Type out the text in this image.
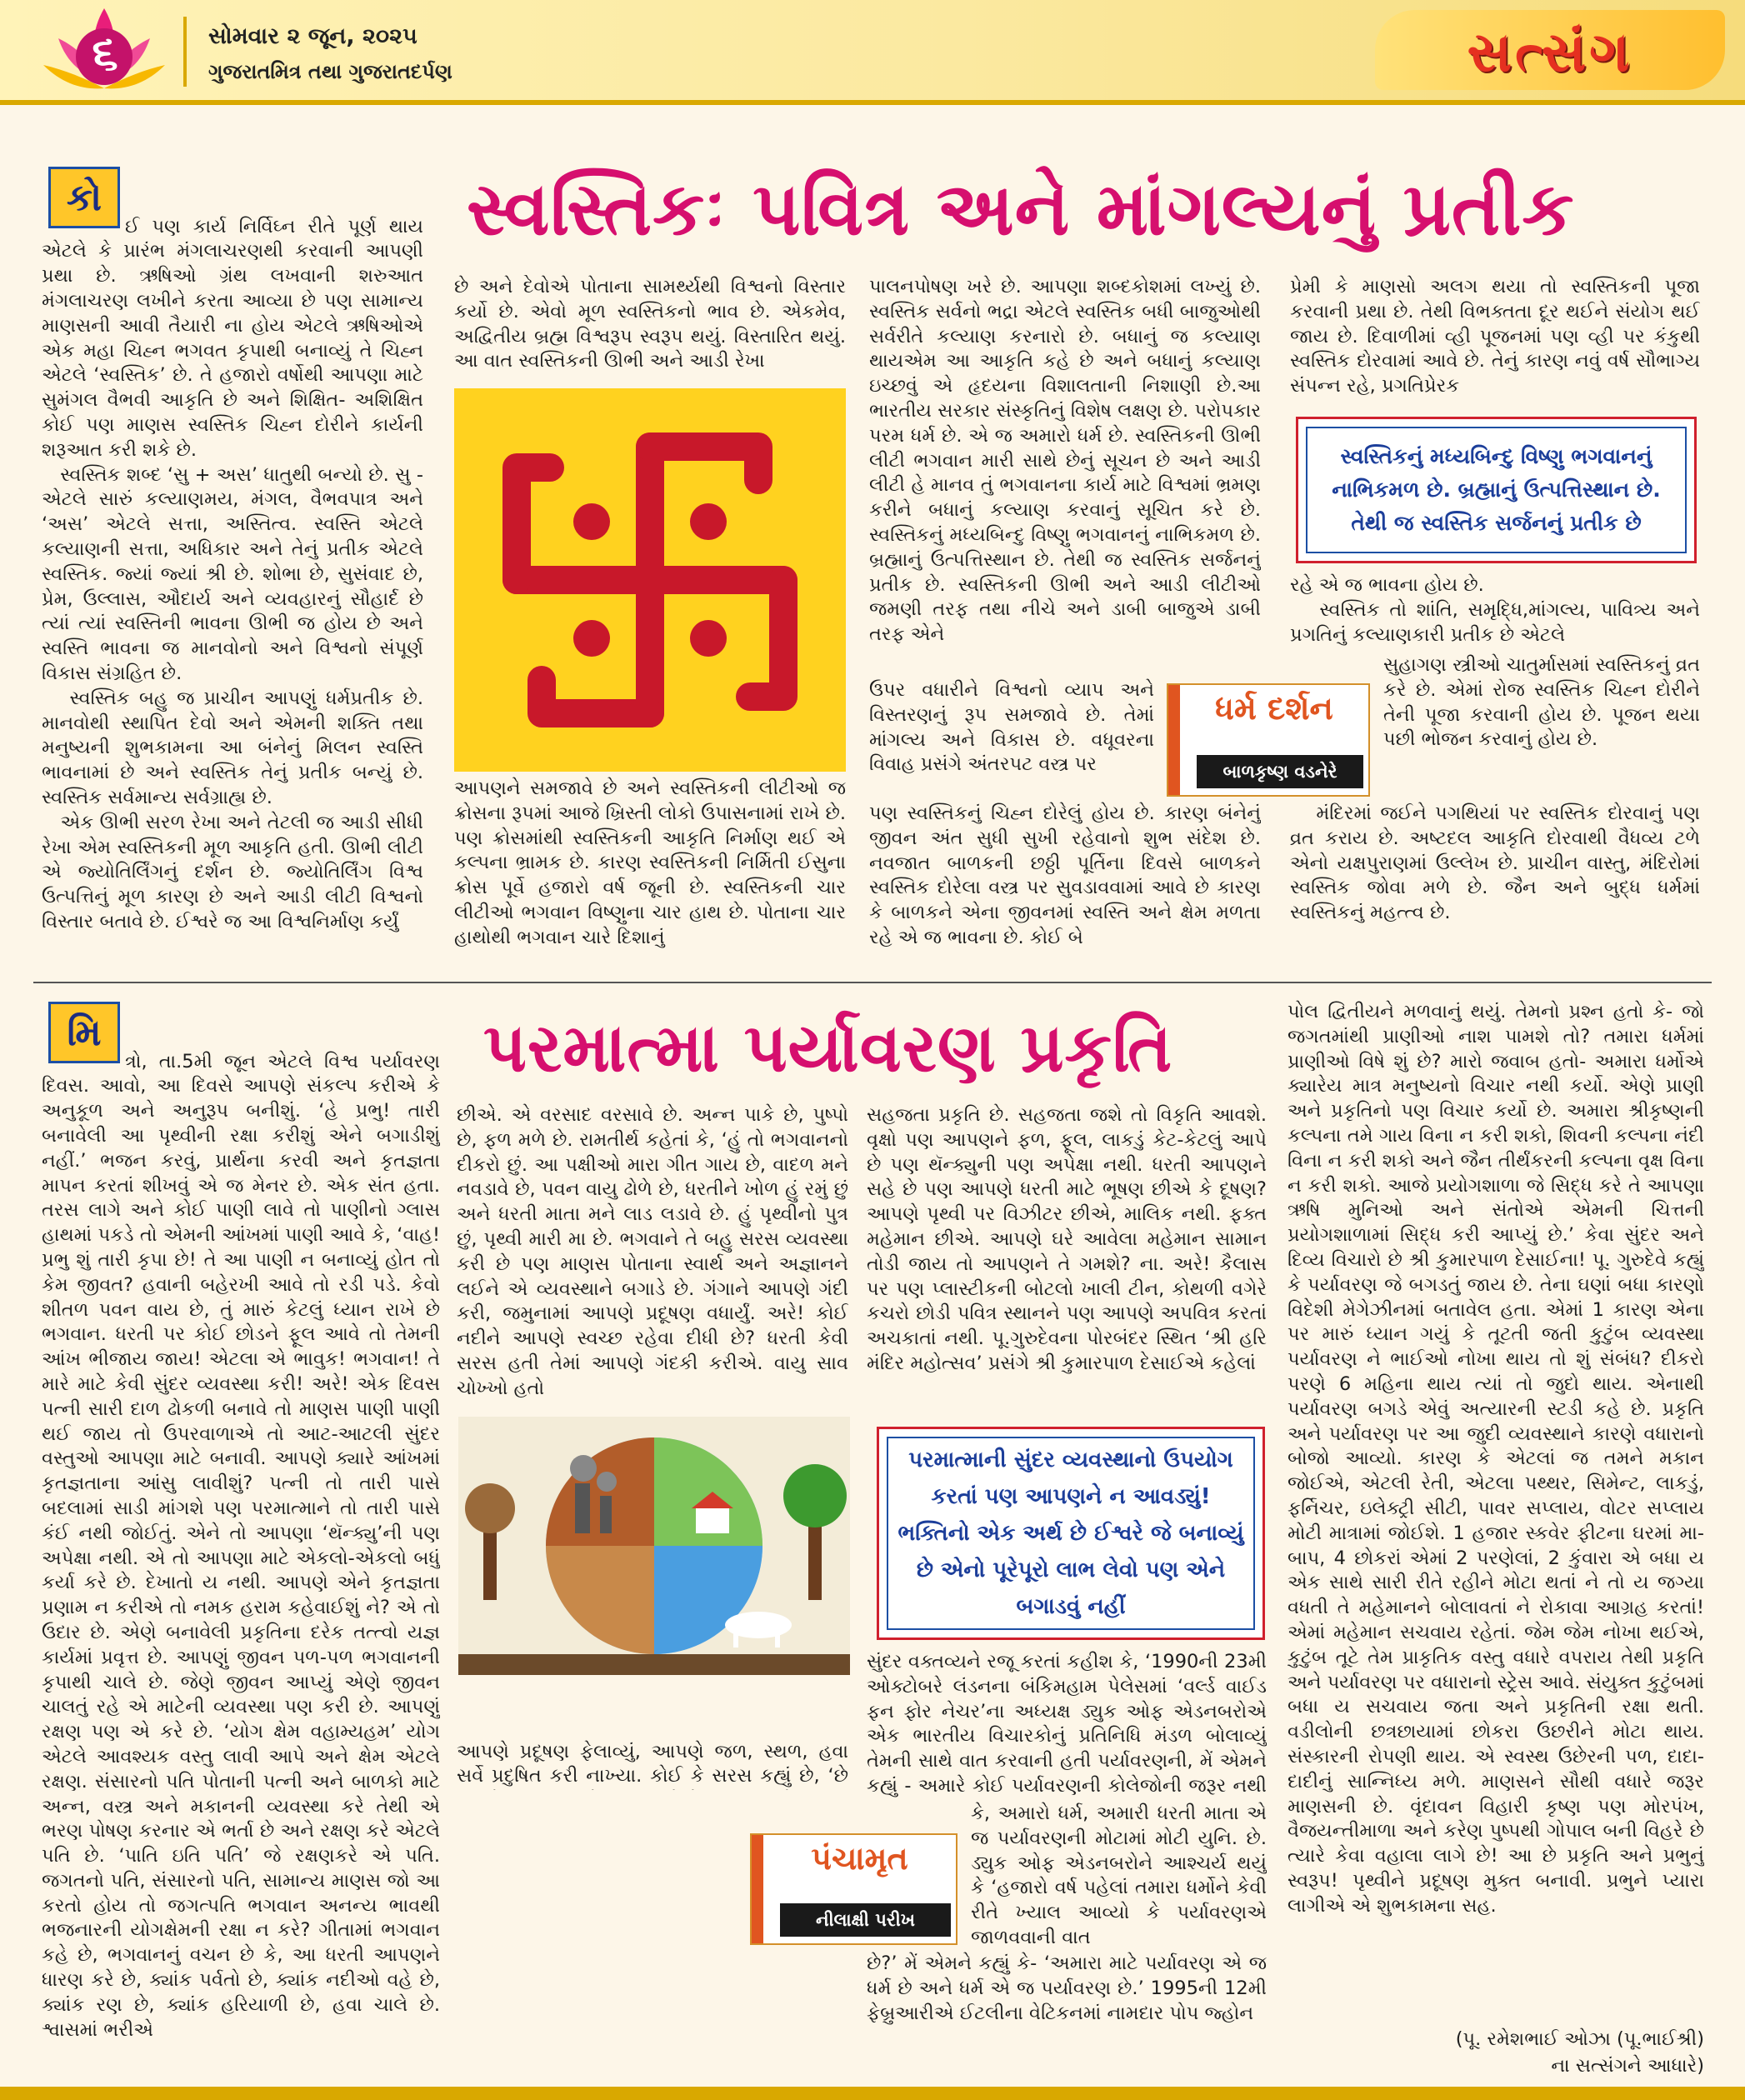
૬	સોમવાર ૨ જૂન, ૨૦૨૫
ગુજરાતમિત્ર તથા ગુજરાતદર્પણ	સત્સંગ
કો

ઈ પણ કાર્ય નિર્વિઘ્ન રીતે પૂર્ણ થાય એટલે કે પ્રારંભ મંગલાચરણથી કરવાની આપણી પ્રથા છે. ઋષિઓ ગ્રંથ લખવાની શરુઆત મંગલાચરણ લખીને કરતા આવ્યા છે પણ સામાન્ય માણસની આવી તૈયારી ના હોય એટલે ઋષિઓએ એક મહા ચિહ્ન ભગવત કૃપાથી બનાવ્યું તે ચિહ્ન એટલે ‘સ્વસ્તિક’ છે. તે હજારો વર્ષોથી આપણા માટે સુમંગલ વૈભવી આકૃતિ છે અને શિક્ષિત- અશિક્ષિત કોઈ પણ માણસ સ્વસ્તિક ચિહ્ન દોરીને કાર્યની શરૂઆત કરી શકે છે.
સ્વસ્તિક શબ્દ ‘સુ + અસ’ ધાતુથી બન્યો છે. સુ - એટલે સારું કલ્યાણમય, મંગલ, વૈભવપાત્ર અને ‘અસ’ એટલે સત્તા, અસ્તિત્વ. સ્વસ્તિ એટલે કલ્યાણની સત્તા, અધિકાર અને તેનું પ્રતીક એટલે સ્વસ્તિક. જ્યાં જ્યાં શ્રી છે. શોભા છે, સુસંવાદ છે, પ્રેમ, ઉલ્લાસ, ઔદાર્ય અને વ્યવહારનું સૌહાર્દ છે ત્યાં ત્યાં સ્વસ્તિની ભાવના ઊભી જ હોય છે અને સ્વસ્તિ ભાવના જ માનવોનો અને વિશ્વનો સંપૂર્ણ વિકાસ સંગ્રહિત છે.
સ્વસ્તિક બહુ જ પ્રાચીન આપણું ધર્મપ્રતીક છે. માનવોથી સ્થાપિત દેવો અને એમની શક્તિ તથા મનુષ્યની શુભકામના આ બંનેનું મિલન સ્વસ્તિ ભાવનામાં છે અને સ્વસ્તિક તેનું પ્રતીક બન્યું છે. સ્વસ્તિક સર્વમાન્ય સર્વગ્રાહ્ય છે.
એક ઊભી સરળ રેખા અને તેટલી જ આડી સીધી રેખા એમ સ્વસ્તિકની મૂળ આકૃતિ હતી. ઊભી લીટી એ જ્યોતિર્લિંગનું દર્શન છે. જ્યોતિર્લિંગ વિશ્વ ઉત્પત્તિનું મૂળ કારણ છે અને આડી લીટી વિશ્વનો વિસ્તાર બતાવે છે. ઈશ્વરે જ આ વિશ્વનિર્માણ કર્યું

સ્વસ્તિકઃ પવિત્ર અને માંગલ્યનું પ્રતીક
છે અને દેવોએ પોતાના સામર્થ્યથી વિશ્વનો વિસ્તાર કર્યો છે. એવો મૂળ સ્વસ્તિકનો ભાવ છે. એકમેવ, અદ્વિતીય બ્રહ્મ વિશ્વરૂપ સ્વરૂપ થયું. વિસ્તારિત થયું. આ વાત સ્વસ્તિકની ઊભી અને આડી રેખા
આપણને સમજાવે છે અને સ્વસ્તિકની લીટીઓ જ ક્રોસના રૂપમાં આજે ખ્રિસ્તી લોકો ઉપાસનામાં રાખે છે. પણ ક્રોસમાંથી સ્વસ્તિકની આકૃતિ નિર્માણ થઈ એ કલ્પના ભ્રામક છે. કારણ સ્વસ્તિકની નિર્મિતી ઈસુના ક્રોસ પૂર્વે હજારો વર્ષ જૂની છે. સ્વસ્તિકની ચાર લીટીઓ ભગવાન વિષ્ણુના ચાર હાથ છે. પોતાના ચાર હાથોથી ભગવાન ચારે દિશાનું
પાલનપોષણ ખરે છે. આપણા શબ્દકોશમાં લખ્યું છે. સ્વસ્તિક સર્વનો ભદ્રા એટલે સ્વસ્તિક બધી બાજુઓથી સર્વરીતે કલ્યાણ કરનારો છે. બધાનું જ કલ્યાણ થાયએમ આ આકૃતિ કહે છે અને બધાનું કલ્યાણ ઇચ્છવું એ હૃદયના વિશાલતાની નિશાણી છે.આ ભારતીય સરકાર સંસ્કૃતિનું વિશેષ લક્ષણ છે. પરોપકાર પરમ ધર્મ છે. એ જ અમારો ધર્મ છે. સ્વસ્તિકની ઊભી લીટી ભગવાન મારી સાથે છેનું સૂચન છે અને આડી લીટી હે માનવ તું ભગવાનના કાર્ય માટે વિશ્વમાં ભ્રમણ કરીને બધાનું કલ્યાણ કરવાનું સૂચિત કરે છે. સ્વસ્તિકનું મધ્યબિન્દુ વિષ્ણુ ભગવાનનું નાભિકમળ છે. બ્રહ્માનું ઉત્પત્તિસ્થાન છે. તેથી જ સ્વસ્તિક સર્જનનું પ્રતીક છે. સ્વસ્તિકની ઊભી અને આડી લીટીઓ જમણી તરફ તથા નીચે અને ડાબી બાજુએ ડાબી તરફ એને
ઉપર વધારીને વિશ્વનો વ્યાપ અને વિસ્તરણનું રૂપ સમજાવે છે. તેમાં માંગલ્ય અને વિકાસ છે. વધૂવરના વિવાહ પ્રસંગે અંતરપટ વસ્ત્ર પર
પણ સ્વસ્તિકનું ચિહ્ન દોરેલું હોય છે. કારણ બંનેનું જીવન અંત સુધી સુખી રહેવાનો શુભ સંદેશ છે. નવજાત બાળકની છઠ્ઠી પૂર્તિના દિવસે બાળકને સ્વસ્તિક દોરેલા વસ્ત્ર પર સુવડાવવામાં આવે છે કારણ કે બાળકને એના જીવનમાં સ્વસ્તિ અને ક્ષેમ મળતા રહે એ જ ભાવના છે. કોઈ બે
ધર્મ દર્શન
બાળકૃષ્ણ વડનેરે
પ્રેમી કે માણસો અલગ થયા તો સ્વસ્તિકની પૂજા કરવાની પ્રથા છે. તેથી વિભક્તતા દૂર થઈને સંયોગ થઈ જાય છે. દિવાળીમાં વ્હી પૂજનમાં પણ વ્હી પર કંકુથી સ્વસ્તિક દોરવામાં આવે છે. તેનું કારણ નવું વર્ષ સૌભાગ્ય સંપન્ન રહે, પ્રગતિપ્રેરક
સ્વસ્તિકનું મધ્યબિન્દુ વિષ્ણુ ભગવાનનું નાભિકમળ છે. બ્રહ્માનું ઉત્પત્તિસ્થાન છે. તેથી જ સ્વસ્તિક સર્જનનું પ્રતીક છે
રહે એ જ ભાવના હોય છે.
સ્વસ્તિક તો શાંતિ, સમૃદ્ધિ,માંગલ્ય, પાવિત્ર્ય અને પ્રગતિનું કલ્યાણકારી પ્રતીક છે એટલે
સુહાગણ સ્ત્રીઓ ચાતુર્માસમાં સ્વસ્તિકનું વ્રત કરે છે. એમાં રોજ સ્વસ્તિક ચિહ્ન દોરીને તેની પૂજા કરવાની હોય છે. પૂજન થયા પછી ભોજન કરવાનું હોય છે.
મંદિરમાં જઈને પગથિયાં પર સ્વસ્તિક દોરવાનું પણ વ્રત કરાય છે. અષ્ટદલ આકૃતિ દોરવાથી વૈધવ્ય ટળે એનો યક્ષપુરાણમાં ઉલ્લેખ છે. પ્રાચીન વાસ્તુ, મંદિરોમાં સ્વસ્તિક જોવા મળે છે. જૈન અને બુદ્ધ ધર્મમાં સ્વસ્તિકનું મહત્ત્વ છે.
મિ

ત્રો, તા.5મી જૂન એટલે વિશ્વ પર્યાવરણ દિવસ. આવો, આ દિવસે આપણે સંકલ્પ કરીએ કે અનુકૂળ અને અનુરૂપ બનીશું. ‘હે પ્રભુ! તારી બનાવેલી આ પૃથ્વીની રક્ષા કરીશું એને બગાડીશું નહીં.’ ભજન કરવું, પ્રાર્થના કરવી અને કૃતજ્ઞતા માપન કરતાં શીખવું એ જ મેનર છે. એક સંત હતા. તરસ લાગે અને કોઈ પાણી લાવે તો પાણીનો ગ્લાસ હાથમાં પકડે તો એમની આંખમાં પાણી આવે કે, ‘વાહ! પ્રભુ શું તારી કૃપા છે! તે આ પાણી ન બનાવ્યું હોત તો કેમ જીવત? હવાની બહેરખી આવે તો રડી પડે. કેવો શીતળ પવન વાય છે, તું મારું કેટલું ધ્યાન રાખે છે ભગવાન. ધરતી પર કોઈ છોડને ફૂલ આવે તો તેમની આંખ ભીજાય જાય! એટલા એ ભાવુક! ભગવાન! તે મારે માટે કેવી સુંદર વ્યવસ્થા કરી! અરે! એક દિવસ પત્ની સારી દાળ ઢોકળી બનાવે તો માણસ પાણી પાણી થઈ જાય તો ઉપરવાળાએ તો આટ-આટલી સુંદર વસ્તુઓ આપણા માટે બનાવી. આપણે ક્યારે આંખમાં કૃતજ્ઞતાના આંસુ લાવીશું? પત્ની તો તારી પાસે બદલામાં સાડી માંગશે પણ પરમાત્માને તો તારી પાસે કંઈ નથી જોઈતું. એને તો આપણા ‘થૅન્ક્યુ’ની પણ અપેક્ષા નથી. એ તો આપણા માટે એકલો-એકલો બધું કર્યા કરે છે. દેખાતો ય નથી. આપણે એને કૃતજ્ઞતા પ્રણામ ન કરીએ તો નમક હરામ કહેવાઈશું ને? એ તો ઉદાર છે. એણે બનાવેલી પ્રકૃતિના દરેક તત્ત્વો યજ્ઞ કાર્યમાં પ્રવૃત્ત છે. આપણું જીવન પળ-પળ ભગવાનની કૃપાથી ચાલે છે. જેણે જીવન આપ્યું એણે જીવન ચાલતું રહે એ માટેની વ્યવસ્થા પણ કરી છે. આપણું રક્ષણ પણ એ કરે છે. ‘યોગ ક્ષેમ વહામ્યહમ’ યોગ એટલે આવશ્યક વસ્તુ લાવી આપે અને ક્ષેમ એટલે રક્ષણ. સંસારનો પતિ પોતાની પત્ની અને બાળકો માટે અન્ન, વસ્ત્ર અને મકાનની વ્યવસ્થા કરે તેથી એ ભરણ પોષણ કરનાર એ ભર્તા છે અને રક્ષણ કરે એટલે પતિ છે. ‘પાતિ ઇતિ પતિ’ જે રક્ષણકરે એ પતિ. જગતનો પતિ, સંસારનો પતિ, સામાન્ય માણસ જો આ કરતો હોય તો જગત્પતિ ભગવાન અનન્ય ભાવથી ભજનારની યોગક્ષેમની રક્ષા ન કરે? ગીતામાં ભગવાન કહે છે, ભગવાનનું વચન છે કે, આ ધરતી આપણને ધારણ કરે છે, ક્યાંક પર્વતો છે, ક્યાંક નદીઓ વહે છે, ક્યાંક રણ છે, ક્યાંક હરિયાળી છે, હવા ચાલે છે. શ્વાસમાં ભરીએ

પરમાત્મા પર્યાવરણ પ્રકૃતિ
છીએ. એ વરસાદ વરસાવે છે. અન્ન પાકે છે, પુષ્પો છે, ફળ મળે છે. રામતીર્થ કહેતાં કે, ‘હું તો ભગવાનનો દીકરો છું. આ પક્ષીઓ મારા ગીત ગાય છે, વાદળ મને નવડાવે છે, પવન વાયુ ઢોળે છે, ધરતીને ખોળ હું રમું છું અને ધરતી માતા મને લાડ લડાવે છે. હું પૃથ્વીનો પુત્ર છું, પૃથ્વી મારી મા છે. ભગવાને તે બહુ સરસ વ્યવસ્થા કરી છે પણ માણસ પોતાના સ્વાર્થ અને અજ્ઞાનને લઈને એ વ્યવસ્થાને બગાડે છે. ગંગાને આપણે ગંદી કરી, જમુનામાં આપણે પ્રદૂષણ વધાર્યું. અરે! કોઈ નદીને આપણે સ્વચ્છ રહેવા દીધી છે? ધરતી કેવી સરસ હતી તેમાં આપણે ગંદકી કરીએ. વાયુ સાવ ચોખ્ખો હતો

આપણે પ્રદૂષણ ફેલાવ્યું, આપણે જળ, સ્થળ, હવા સર્વે પ્રદુષિત કરી નાખ્યા. કોઈ કે સરસ કહ્યું છે, ‘છે

પંચામૃત
નીલાક્ષી પરીખ
સહજતા પ્રકૃતિ છે. સહજતા જશે તો વિકૃતિ આવશે. વૃક્ષો પણ આપણને ફળ, ફૂલ, લાકડું કેટ-કેટલું આપે છે પણ થૅન્ક્યુની પણ અપેક્ષા નથી. ધરતી આપણને સહે છે પણ આપણે ધરતી માટે ભૂષણ છીએ કે દૂષણ? આપણે પૃથ્વી પર વિઝીટર છીએ, માલિક નથી. ફક્ત મહેમાન છીએ. આપણે ઘરે આવેલા મહેમાન સામાન તોડી જાય તો આપણને તે ગમશે? ના. અરે! કૈલાસ પર પણ પ્લાસ્ટીકની બોટલો ખાલી ટીન, કોથળી વગેરે કચરો છોડી પવિત્ર સ્થાનને પણ આપણે અપવિત્ર કરતાં અચકાતાં નથી. પૂ.ગુરુદેવના પોરબંદર સ્થિત ‘શ્રી હરિ મંદિર મહોત્સવ’ પ્રસંગે શ્રી કુમારપાળ દેસાઈએ કહેલાં
પરમાત્માની સુંદર વ્યવસ્થાનો ઉપયોગ કરતાં પણ આપણને ન આવડ્યું! ભક્તિનો એક અર્થ છે ઈશ્વરે જે બનાવ્યું છે એનો પૂરેપૂરો લાભ લેવો પણ એને બગાડવું નહીં
સુંદર વક્તવ્યને રજૂ કરતાં કહીશ કે, ‘1990ની 23મી ઓક્ટોબરે લંડનના બંકિમહામ પેલેસમાં ‘વર્લ્ડ વાઈડ ફન ફોર નેચર’ના અધ્યક્ષ ડ્યુક ઓફ એડનબરોએ એક ભારતીય વિચારકોનું પ્રતિનિધિ મંડળ બોલાવ્યું તેમની સાથે વાત કરવાની હતી પર્યાવરણની, મેં એમને કહ્યું - અમારે કોઈ પર્યાવરણની કોલેજોની જરૂર નથી
કે, અમારો ધર્મ, અમારી ધરતી માતા એ જ પર્યાવરણની મોટામાં મોટી યુનિ. છે. ડ્યુક ઓફ એડનબરોને આશ્ચર્ય થયું કે ‘હજારો વર્ષ પહેલાં તમારા ધર્મોને કેવી રીતે ખ્યાલ આવ્યો કે પર્યાવરણએ જાળવવાની વાત
છે?’ મેં એમને કહ્યું કે- ‘અમારા માટે પર્યાવરણ એ જ ધર્મ છે અને ધર્મ એ જ પર્યાવરણ છે.’ 1995ની 12મી ફેબ્રુઆરીએ ઈટલીના વેટિકનમાં નામદાર પોપ જ્હોન
પોલ દ્વિતીયને મળવાનું થયું. તેમનો પ્રશ્ન હતો કે- જો જગતમાંથી પ્રાણીઓ નાશ પામશે તો? તમારા ધર્મમાં પ્રાણીઓ વિષે શું છે? મારો જવાબ હતો- અમારા ધર્મોએ ક્યારેય માત્ર મનુષ્યનો વિચાર નથી કર્યો. એણે પ્રાણી અને પ્રકૃતિનો પણ વિચાર કર્યો છે. અમારા શ્રીકૃષ્ણની કલ્પના તમે ગાય વિના ન કરી શકો, શિવની કલ્પના નંદી વિના ન કરી શકો અને જૈન તીર્થંકરની કલ્પના વૃક્ષ વિના ન કરી શકો. આજે પ્રયોગશાળા જે સિદ્ધ કરે તે આપણા ઋષિ મુનિઓ અને સંતોએ એમની ચિત્તની પ્રયોગશાળામાં સિદ્ધ કરી આપ્યું છે.’ કેવા સુંદર અને દિવ્ય વિચારો છે શ્રી કુમારપાળ દેસાઈના! પૂ. ગુરુદેવે કહ્યું કે પર્યાવરણ જે બગડતું જાય છે. તેના ઘણાં બધા કારણો વિદેશી મેગેઝીનમાં બતાવેલ હતા. એમાં 1 કારણ એના પર મારું ધ્યાન ગયું કે તૂટતી જતી કુટુંબ વ્યવસ્થા પર્યાવરણ ને ભાઈઓ નોખા થાય તો શું સંબંધ? દીકરો પરણે 6 મહિના થાય ત્યાં તો જુદો થાય. એનાથી પર્યાવરણ બગડે એવું અત્યારની સ્ટડી કહે છે. પ્રકૃતિ અને પર્યાવરણ પર આ જુદી વ્યવસ્થાને કારણે વધારાનો બોજો આવ્યો. કારણ કે એટલાં જ તમને મકાન જોઈએ, એટલી રેતી, એટલા પથ્થર, સિમેન્ટ, લાકડું, ફર્નિચર, ઇલેક્ટ્રી સીટી, પાવર સપ્લાય, વોટર સપ્લાય મોટી માત્રામાં જોઈશે. 1 હજાર સ્કવેર ફીટના ઘરમાં મા-બાપ, 4 છોકરાં એમાં 2 પરણેલાં, 2 કુંવારા એ બધા ય એક સાથે સારી રીતે રહીને મોટા થતાં ને તો ય જગ્યા વધતી તે મહેમાનને બોલાવતાં ને રોકાવા આગ્રહ કરતાં! એમાં મહેમાન સચવાય રહેતાં. જેમ જેમ નોખા થઈએ, કુટુંબ તૂટે તેમ પ્રાકૃતિક વસ્તુ વધારે વપરાય તેથી પ્રકૃતિ અને પર્યાવરણ પર વધારાનો સ્ટ્રેસ આવે. સંયુક્ત કુટુંબમાં બધા ય સચવાય જતા અને પ્રકૃતિની રક્ષા થતી. વડીલોની છત્રછાયામાં છોકરા ઉછરીને મોટા થાય. સંસ્કારની રોપણી થાય. એ સ્વસ્થ ઉછેરની પળ, દાદા-દાદીનું સાન્નિધ્ય મળે. માણસને સૌથી વધારે જરૂર માણસની છે. વૃંદાવન વિહારી કૃષ્ણ પણ મોરપંખ, વૈજયન્તીમાળા અને કરેણ પુષ્પથી ગોપાલ બની વિહરે છે ત્યારે કેવા વહાલા લાગે છે! આ છે પ્રકૃતિ અને પ્રભુનું સ્વરૂપ! પૃથ્વીને પ્રદૂષણ મુક્ત બનાવી. પ્રભુને પ્યારા લાગીએ એ શુભકામના સહ.
(પૂ. રમેશભાઈ ઓઝા (પૂ.ભાઈશ્રી)
ના સત્સંગને આધારે)
